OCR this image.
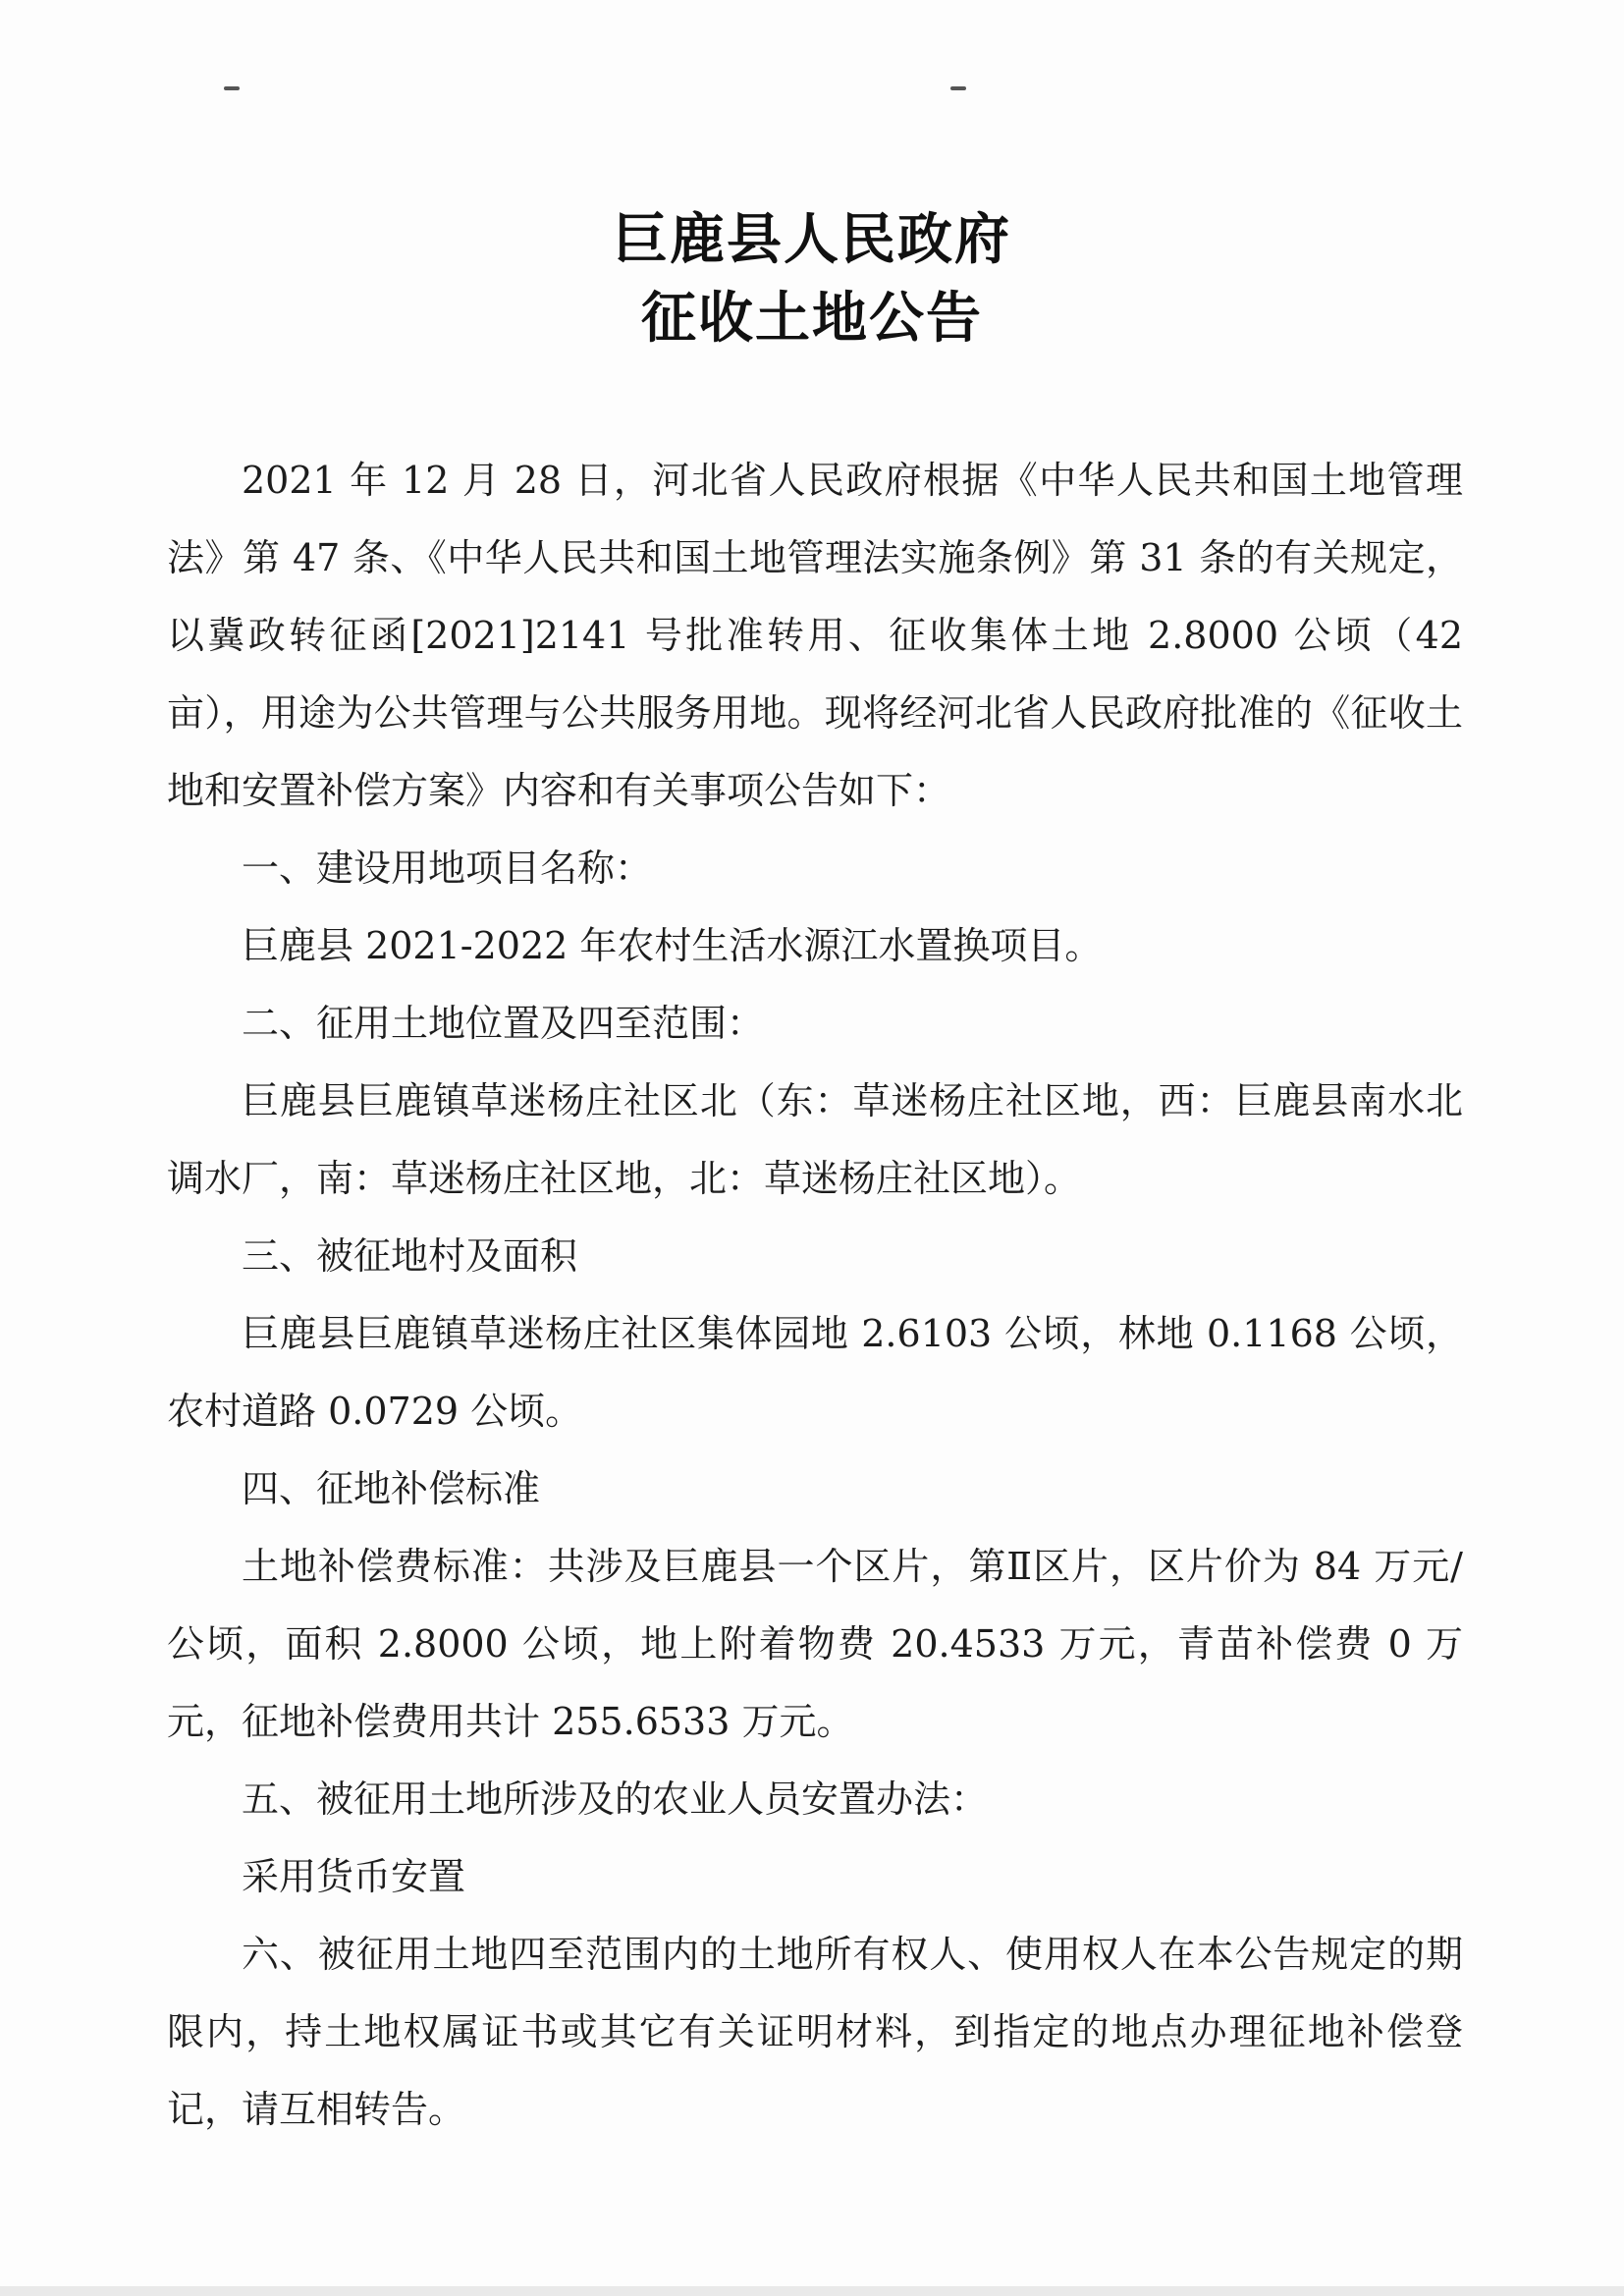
巨鹿县人民政府
征收土地公告

2021 年 12 月 28 日，河北省人民政府根据《中华人民共和国土地管理法》第 47 条、《中华人民共和国土地管理法实施条例》第 31 条的有关规定，以冀政转征函[2021]2141 号批准转用、征收集体土地 2.8000 公顷（42 亩），用途为公共管理与公共服务用地。现将经河北省人民政府批准的《征收土地和安置补偿方案》内容和有关事项公告如下：

一、建设用地项目名称：

巨鹿县 2021-2022 年农村生活水源江水置换项目。

二、征用土地位置及四至范围：

巨鹿县巨鹿镇草迷杨庄社区北（东：草迷杨庄社区地，西：巨鹿县南水北调水厂，南：草迷杨庄社区地，北：草迷杨庄社区地）。

三、被征地村及面积

巨鹿县巨鹿镇草迷杨庄社区集体园地 2.6103 公顷，林地 0.1168 公顷，农村道路 0.0729 公顷。

四、征地补偿标准

土地补偿费标准：共涉及巨鹿县一个区片，第Ⅱ区片，区片价为 84 万元/公顷，面积 2.8000 公顷，地上附着物费 20.4533 万元，青苗补偿费 0 万元，征地补偿费用共计 255.6533 万元。

五、被征用土地所涉及的农业人员安置办法：

采用货币安置

六、被征用土地四至范围内的土地所有权人、使用权人在本公告规定的期限内，持土地权属证书或其它有关证明材料，到指定的地点办理征地补偿登记，请互相转告。
